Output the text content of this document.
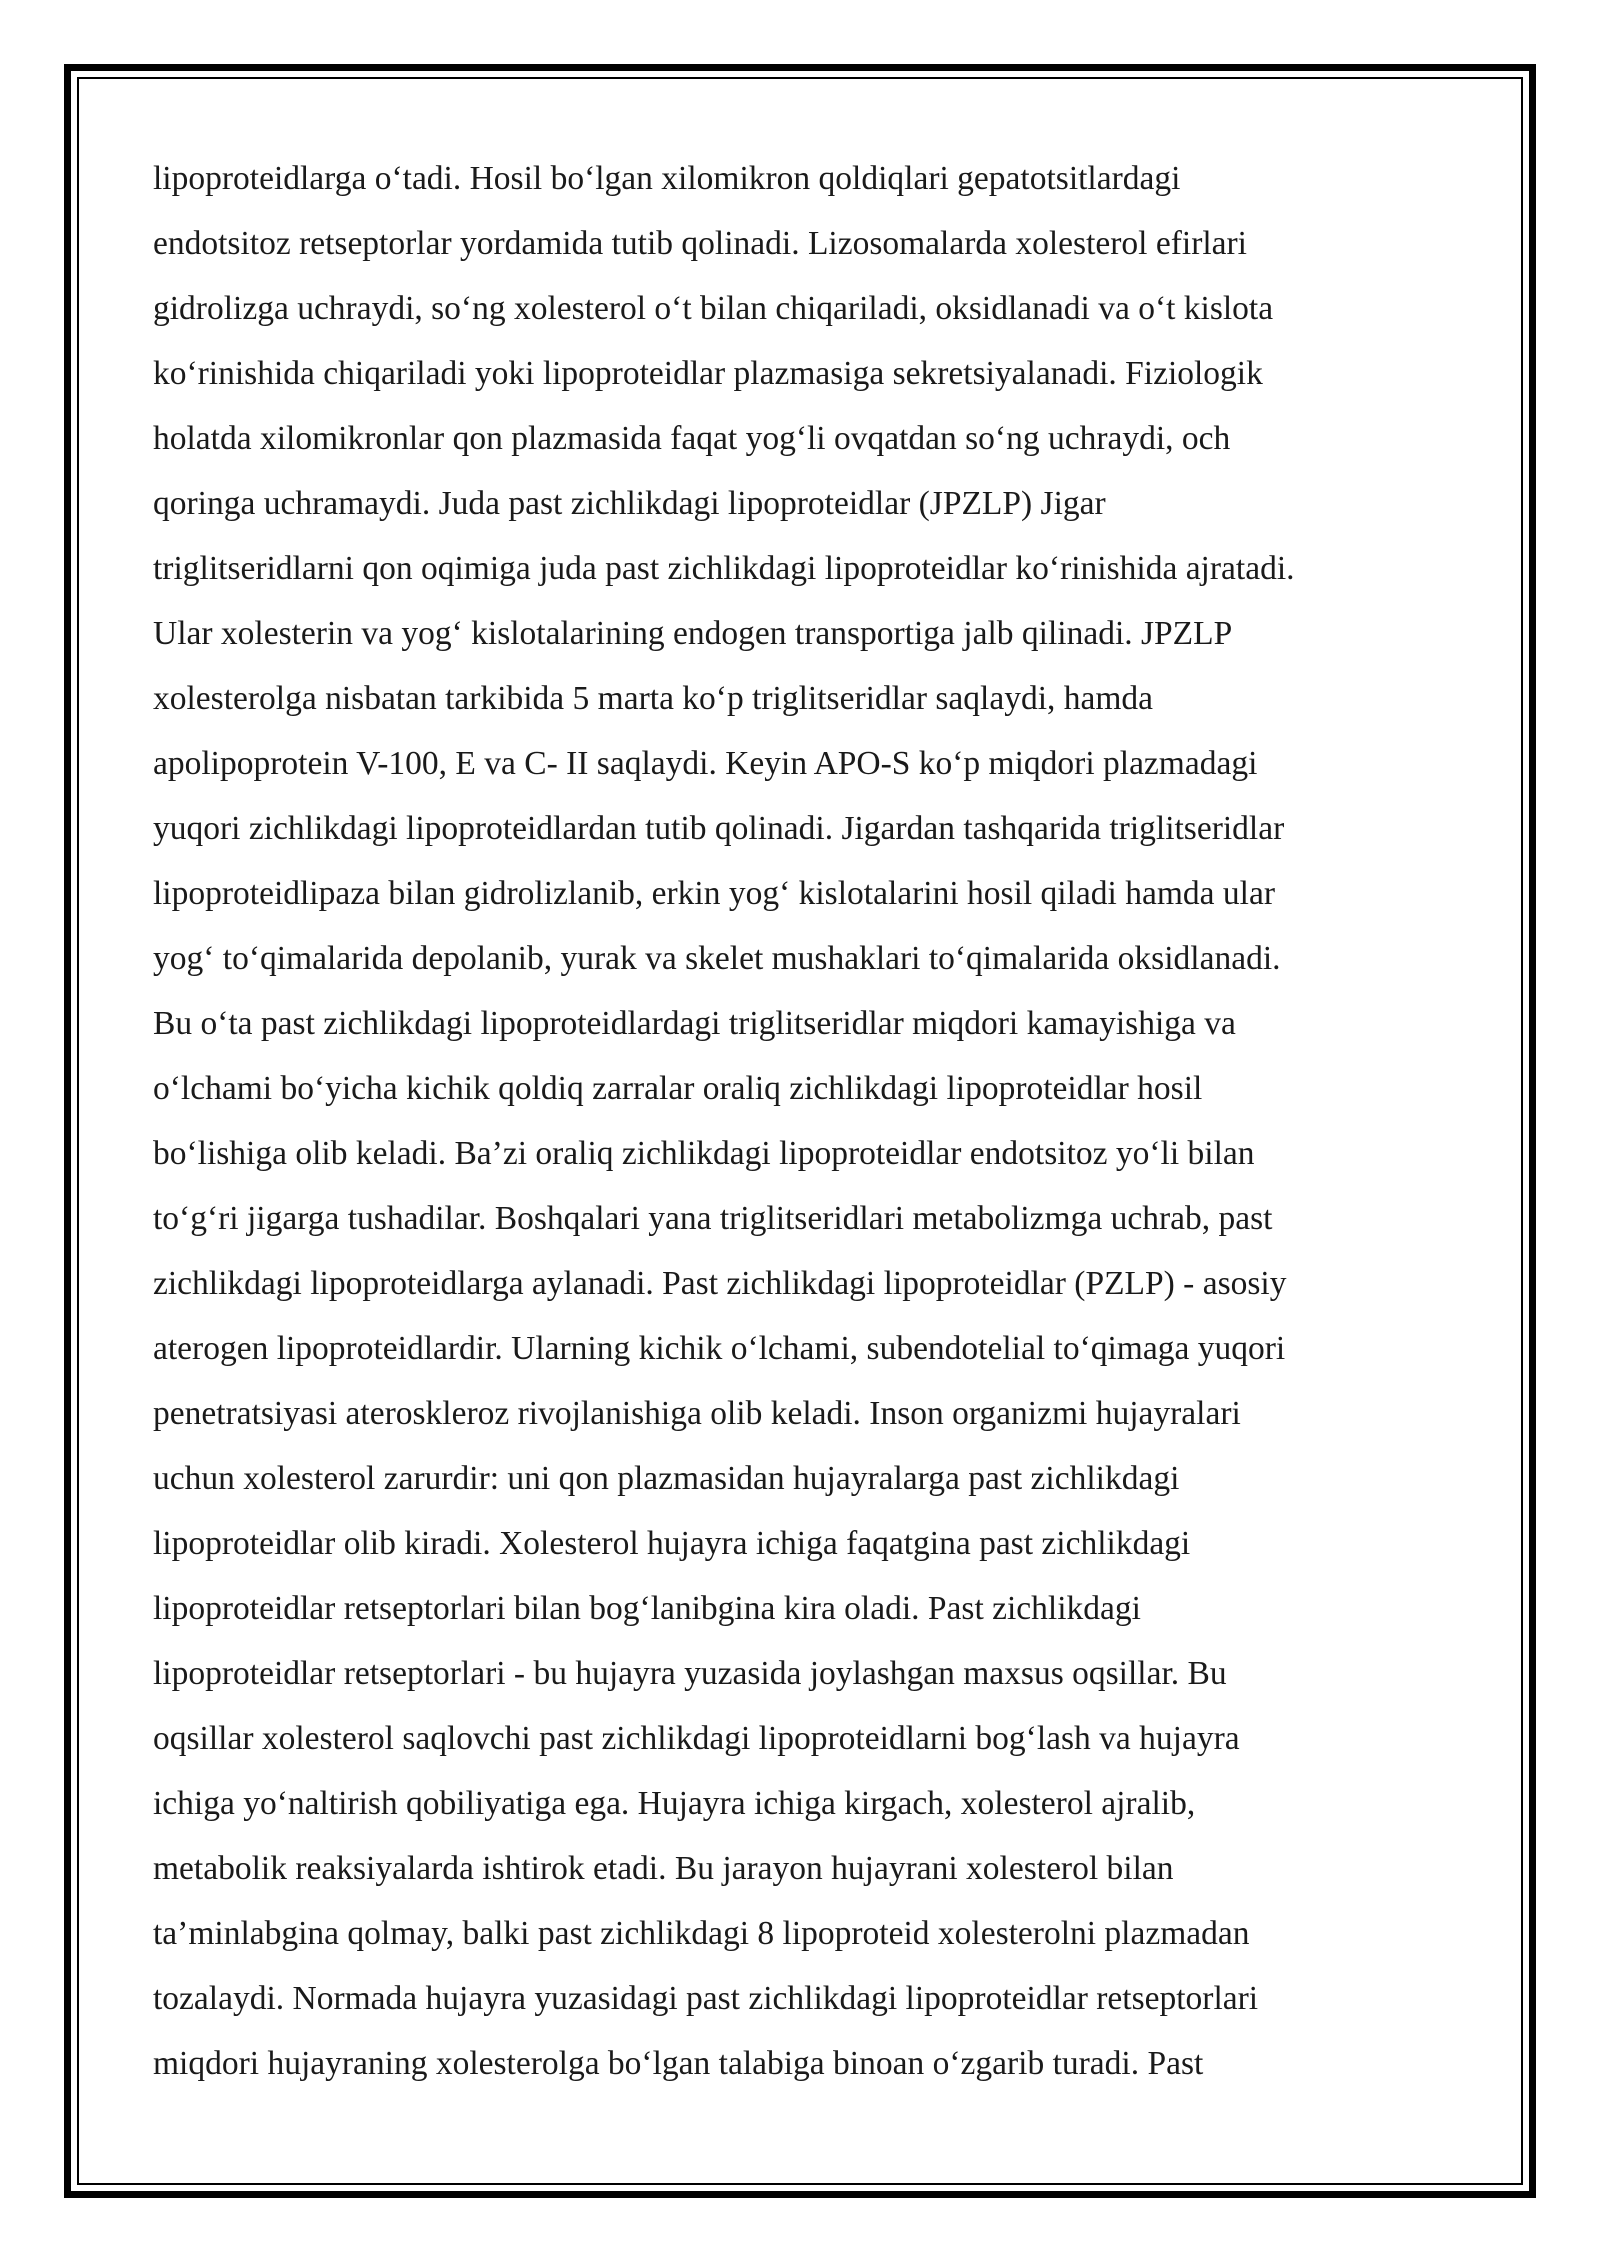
lipoproteidlarga oʻtadi. Hosil boʻlgan xilomikron qoldiqlari gepatotsitlardagi
endotsitoz retseptorlar yordamida tutib qolinadi. Lizosomalarda xolesterol efirlari
gidrolizga uchraydi, soʻng xolesterol oʻt bilan chiqariladi, oksidlanadi va oʻt kislota
koʻrinishida chiqariladi yoki lipoproteidlar plazmasiga sekretsiyalanadi. Fiziologik
holatda xilomikronlar qon plazmasida faqat yogʻli ovqatdan soʻng uchraydi, och
qoringa uchramaydi. Juda past zichlikdagi lipoproteidlar (JPZLP) Jigar
triglitseridlarni qon oqimiga juda past zichlikdagi lipoproteidlar koʻrinishida ajratadi.
Ular xolesterin va yogʻ kislotalarining endogen transportiga jalb qilinadi. JPZLP
xolesterolga nisbatan tarkibida 5 marta koʻp triglitseridlar saqlaydi, hamda
apolipoprotein V-100, E va C- II saqlaydi. Keyin APO-S koʻp miqdori plazmadagi
yuqori zichlikdagi lipoproteidlardan tutib qolinadi. Jigardan tashqarida triglitseridlar
lipoproteidlipaza bilan gidrolizlanib, erkin yogʻ kislotalarini hosil qiladi hamda ular
yogʻ toʻqimalarida depolanib, yurak va skelet mushaklari toʻqimalarida oksidlanadi.
Bu oʻta past zichlikdagi lipoproteidlardagi triglitseridlar miqdori kamayishiga va
oʻlchami boʻyicha kichik qoldiq zarralar oraliq zichlikdagi lipoproteidlar hosil
boʻlishiga olib keladi. Ba’zi oraliq zichlikdagi lipoproteidlar endotsitoz yoʻli bilan
toʻgʻri jigarga tushadilar. Boshqalari yana triglitseridlari metabolizmga uchrab, past
zichlikdagi lipoproteidlarga aylanadi. Past zichlikdagi lipoproteidlar (PZLP) - asosiy
aterogen lipoproteidlardir. Ularning kichik oʻlchami, subendotelial toʻqimaga yuqori
penetratsiyasi ateroskleroz rivojlanishiga olib keladi. Inson organizmi hujayralari
uchun xolesterol zarurdir: uni qon plazmasidan hujayralarga past zichlikdagi
lipoproteidlar olib kiradi. Xolesterol hujayra ichiga faqatgina past zichlikdagi
lipoproteidlar retseptorlari bilan bogʻlanibgina kira oladi. Past zichlikdagi
lipoproteidlar retseptorlari - bu hujayra yuzasida joylashgan maxsus oqsillar. Bu
oqsillar xolesterol saqlovchi past zichlikdagi lipoproteidlarni bogʻlash va hujayra
ichiga yoʻnaltirish qobiliyatiga ega. Hujayra ichiga kirgach, xolesterol ajralib,
metabolik reaksiyalarda ishtirok etadi. Bu jarayon hujayrani xolesterol bilan
ta’minlabgina qolmay, balki past zichlikdagi 8 lipoproteid xolesterolni plazmadan
tozalaydi. Normada hujayra yuzasidagi past zichlikdagi lipoproteidlar retseptorlari
miqdori hujayraning xolesterolga boʻlgan talabiga binoan oʻzgarib turadi. Past
